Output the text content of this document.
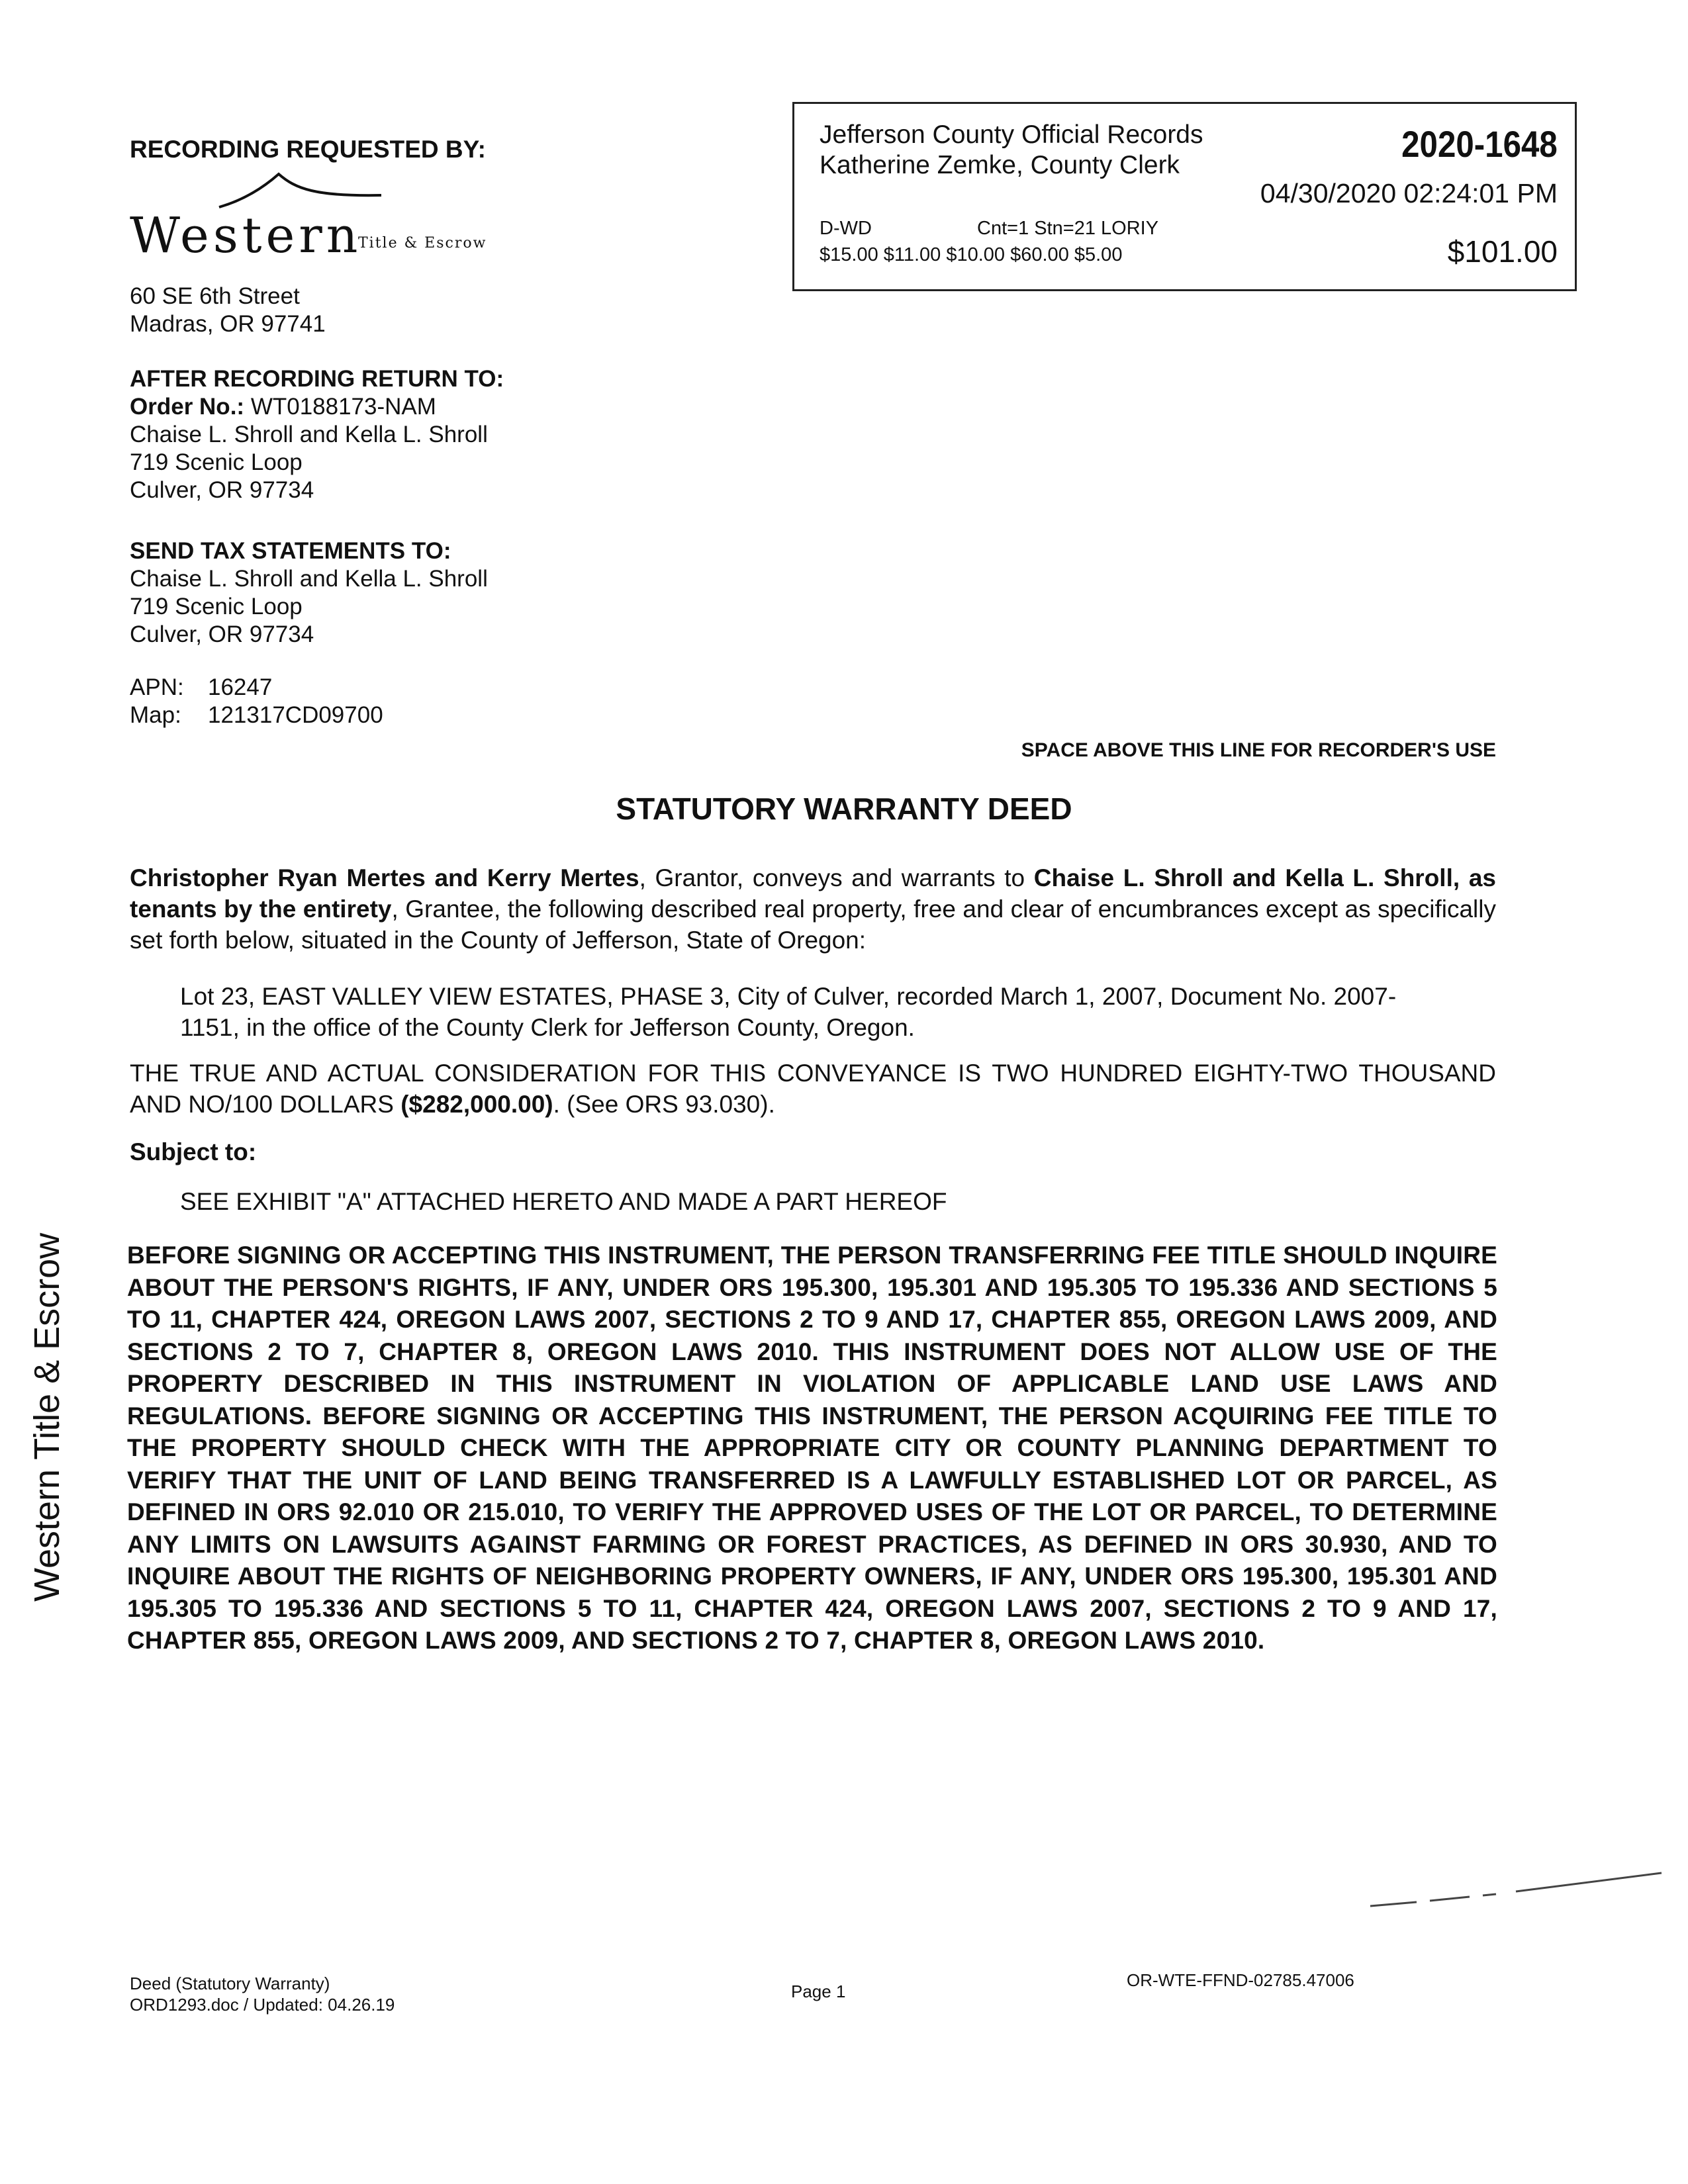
RECORDING REQUESTED BY:
Western
Title & Escrow
60 SE 6th Street
Madras, OR 97741
AFTER RECORDING RETURN TO:
Order No.: WT0188173-NAM
Chaise L. Shroll and Kella L. Shroll
719 Scenic Loop
Culver, OR 97734
SEND TAX STATEMENTS TO:
Chaise L. Shroll and Kella L. Shroll
719 Scenic Loop
Culver, OR 97734
APN: 16247
Map: 121317CD09700
Jefferson County Official Records
Katherine Zemke, County Clerk
2020-1648
04/30/2020 02:24:01 PM
D-WD	Cnt=1 Stn=21 LORIY
$15.00 $11.00 $10.00 $60.00 $5.00	$101.00
SPACE ABOVE THIS LINE FOR RECORDER'S USE
STATUTORY WARRANTY DEED
Christopher Ryan Mertes and Kerry Mertes, Grantor, conveys and warrants to Chaise L. Shroll and Kella L. Shroll, as tenants by the entirety, Grantee, the following described real property, free and clear of encumbrances except as specifically set forth below, situated in the County of Jefferson, State of Oregon:
Lot 23, EAST VALLEY VIEW ESTATES, PHASE 3, City of Culver, recorded March 1, 2007, Document No. 2007-1151, in the office of the County Clerk for Jefferson County, Oregon.
THE TRUE AND ACTUAL CONSIDERATION FOR THIS CONVEYANCE IS TWO HUNDRED EIGHTY-TWO THOUSAND AND NO/100 DOLLARS ($282,000.00). (See ORS 93.030).
Subject to:
SEE EXHIBIT "A" ATTACHED HERETO AND MADE A PART HEREOF
BEFORE SIGNING OR ACCEPTING THIS INSTRUMENT, THE PERSON TRANSFERRING FEE TITLE SHOULD INQUIRE ABOUT THE PERSON'S RIGHTS, IF ANY, UNDER ORS 195.300, 195.301 AND 195.305 TO 195.336 AND SECTIONS 5 TO 11, CHAPTER 424, OREGON LAWS 2007, SECTIONS 2 TO 9 AND 17, CHAPTER 855, OREGON LAWS 2009, AND SECTIONS 2 TO 7, CHAPTER 8, OREGON LAWS 2010. THIS INSTRUMENT DOES NOT ALLOW USE OF THE PROPERTY DESCRIBED IN THIS INSTRUMENT IN VIOLATION OF APPLICABLE LAND USE LAWS AND REGULATIONS. BEFORE SIGNING OR ACCEPTING THIS INSTRUMENT, THE PERSON ACQUIRING FEE TITLE TO THE PROPERTY SHOULD CHECK WITH THE APPROPRIATE CITY OR COUNTY PLANNING DEPARTMENT TO VERIFY THAT THE UNIT OF LAND BEING TRANSFERRED IS A LAWFULLY ESTABLISHED LOT OR PARCEL, AS DEFINED IN ORS 92.010 OR 215.010, TO VERIFY THE APPROVED USES OF THE LOT OR PARCEL, TO DETERMINE ANY LIMITS ON LAWSUITS AGAINST FARMING OR FOREST PRACTICES, AS DEFINED IN ORS 30.930, AND TO INQUIRE ABOUT THE RIGHTS OF NEIGHBORING PROPERTY OWNERS, IF ANY, UNDER ORS 195.300, 195.301 AND 195.305 TO 195.336 AND SECTIONS 5 TO 11, CHAPTER 424, OREGON LAWS 2007, SECTIONS 2 TO 9 AND 17, CHAPTER 855, OREGON LAWS 2009, AND SECTIONS 2 TO 7, CHAPTER 8, OREGON LAWS 2010.
Western Title & Escrow
Deed (Statutory Warranty)
ORD1293.doc / Updated: 04.26.19
Page 1
OR-WTE-FFND-02785.47006
